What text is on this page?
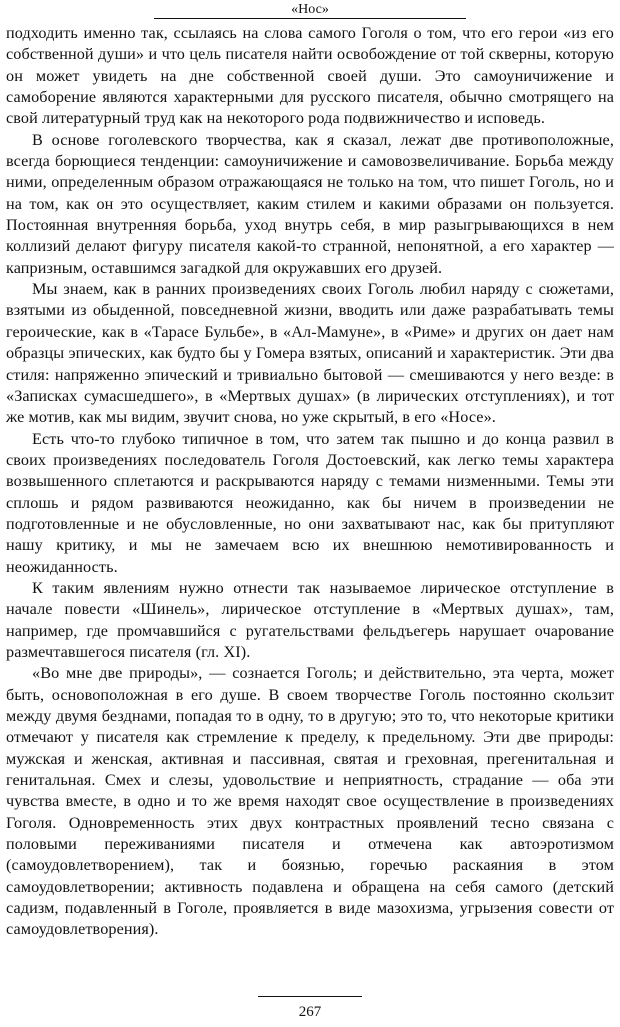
«Нос»

подходить именно так, ссылаясь на слова самого Гоголя о том, что его герои «из его собственной души» и что цель писателя найти освобождение от той скверны, которую он может увидеть на дне собственной своей души. Это самоуничижение и самоборение являются характерными для русского писателя, обычно смотрящего на свой литературный труд как на некоторого рода подвижничество и исповедь.

В основе гоголевского творчества, как я сказал, лежат две противоположные, всегда борющиеся тенденции: самоуничижение и самовозвеличивание. Борьба между ними, определенным образом отражающаяся не только на том, что пишет Гоголь, но и на том, как он это осуществляет, каким стилем и какими образами он пользуется. Постоянная внутренняя борьба, уход внутрь себя, в мир разыгрывающихся в нем коллизий делают фигуру писателя какой-то странной, непонятной, а его характер — капризным, оставшимся загадкой для окружавших его друзей.

Мы знаем, как в ранних произведениях своих Гоголь любил наряду с сюжетами, взятыми из обыденной, повседневной жизни, вводить или даже разрабатывать темы героические, как в «Тарасе Бульбе», в «Ал-Мамуне», в «Риме» и других он дает нам образцы эпических, как будто бы у Гомера взятых, описаний и характеристик. Эти два стиля: напряженно эпический и тривиально бытовой — смешиваются у него везде: в «Записках сумасшедшего», в «Мертвых душах» (в лирических отступлениях), и тот же мотив, как мы видим, звучит снова, но уже скрытый, в его «Носе».

Есть что-то глубоко типичное в том, что затем так пышно и до конца развил в своих произведениях последователь Гоголя Достоевский, как легко темы характера возвышенного сплетаются и раскрываются наряду с темами низменными. Темы эти сплошь и рядом развиваются неожиданно, как бы ничем в произведении не подготовленные и не обусловленные, но они захватывают нас, как бы притупляют нашу критику, и мы не замечаем всю их внешнюю немотивированность и неожиданность.

К таким явлениям нужно отнести так называемое лирическое отступление в начале повести «Шинель», лирическое отступление в «Мертвых душах», там, например, где промчавшийся с ругательствами фельдъегерь нарушает очарование размечтавшегося писателя (гл. XI).

«Во мне две природы», — сознается Гоголь; и действительно, эта черта, может быть, основоположная в его душе. В своем творчестве Гоголь постоянно скользит между двумя безднами, попадая то в одну, то в другую; это то, что некоторые критики отмечают у писателя как стремление к пределу, к предельному. Эти две природы: мужская и женская, активная и пассивная, святая и греховная, прегенитальная и генитальная. Смех и слезы, удовольствие и неприятность, страдание — оба эти чувства вместе, в одно и то же время находят свое осуществление в произведениях Гоголя. Одновременность этих двух контрастных проявлений тесно связана с половыми переживаниями писателя и отмечена как автоэротизмом (самоудовлетворением), так и боязнью, горечью раскаяния в этом самоудовлетворении; активность подавлена и обращена на себя самого (детский садизм, подавленный в Гоголе, проявляется в виде мазохизма, угрызения совести от самоудовлетворения).

267
